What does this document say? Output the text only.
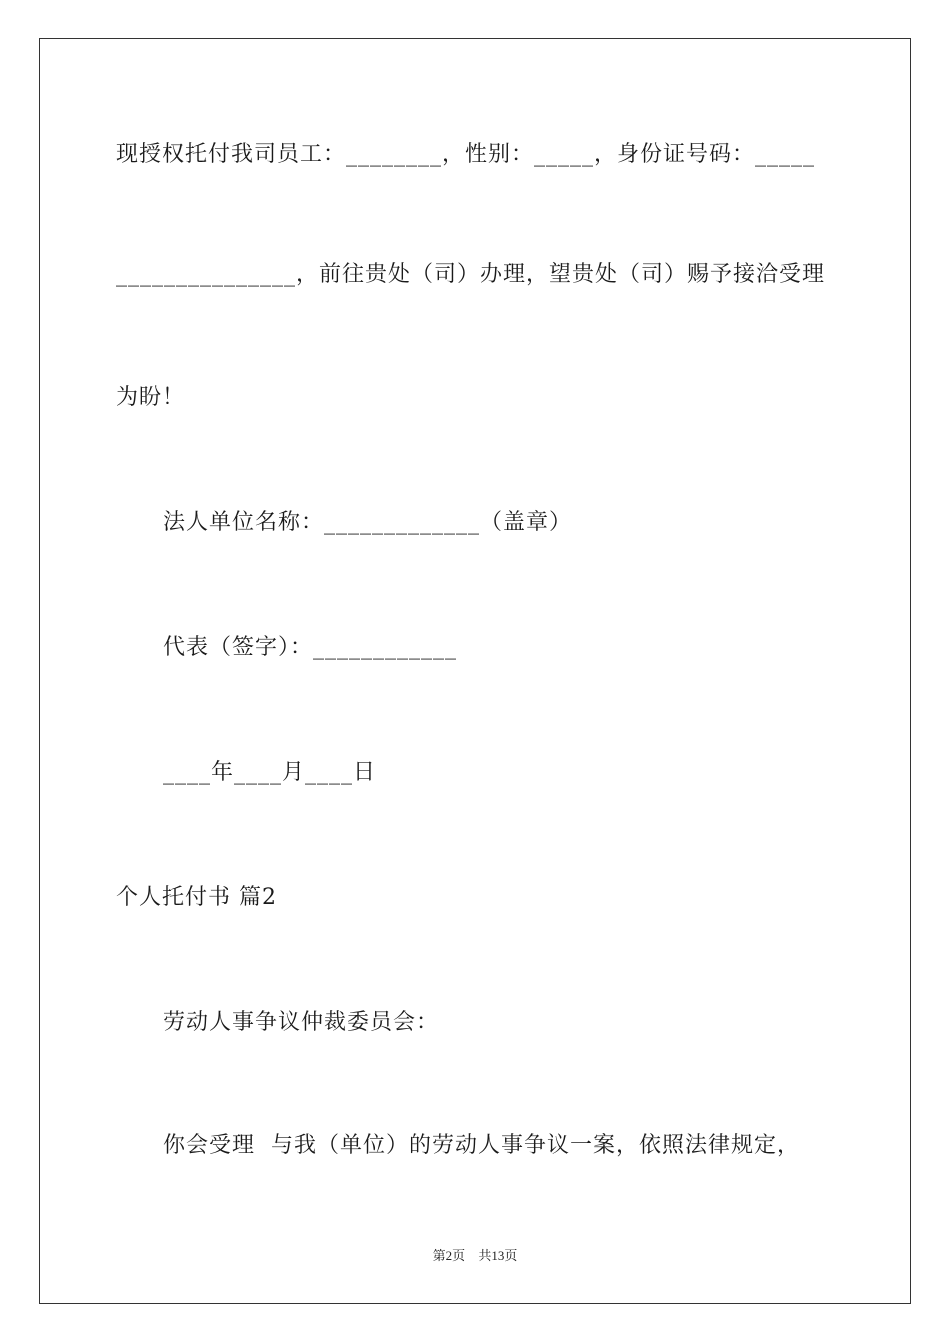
现授权托付我司员工：________，性别：_____，身份证号码：_____
_______________，前往贵处（司）办理，望贵处（司）赐予接洽受理
为盼！
法人单位名称：_____________（盖章）
代表（签字）：____________
____年____月____日
个人托付书 篇2
劳动人事争议仲裁委员会：
你会受理  与我（单位）的劳动人事争议一案，依照法律规定，
第2页 共13页
